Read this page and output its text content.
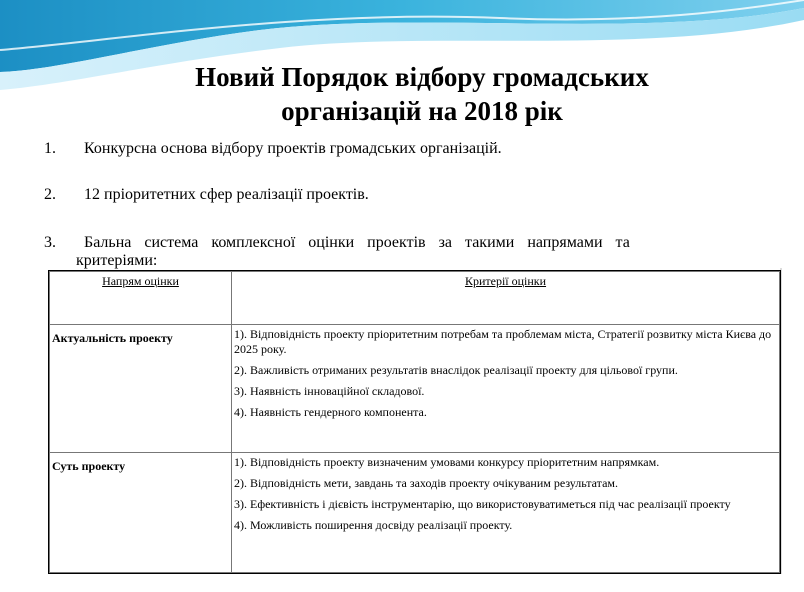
Новий Порядок відбору громадських
організацій на 2018 рік
1. Конкурсна основа відбору проектів громадських організацій.
2. 12 пріоритетних сфер реалізації проектів.
3. Бальна система комплексної оцінки проектів за такими напрямами та
критеріями:
Напрям оцінки	Критерії оцінки
Актуальність проекту	1). Відповідність проекту пріоритетним потребам та проблемам міста, Стратегії розвитку міста Києва до 2025 року.
2). Важливість отриманих результатів внаслідок реалізації проекту для цільової групи.
3). Наявність інноваційної складової.
4). Наявність гендерного компонента.

Суть проекту	1). Відповідність проекту визначеним умовами конкурсу пріоритетним напрямкам.
2). Відповідність мети, завдань та заходів проекту очікуваним результатам.
3). Ефективність і дієвість інструментарію, що використовуватиметься під час реалізації проекту
4). Можливість поширення досвіду реалізації проекту.
